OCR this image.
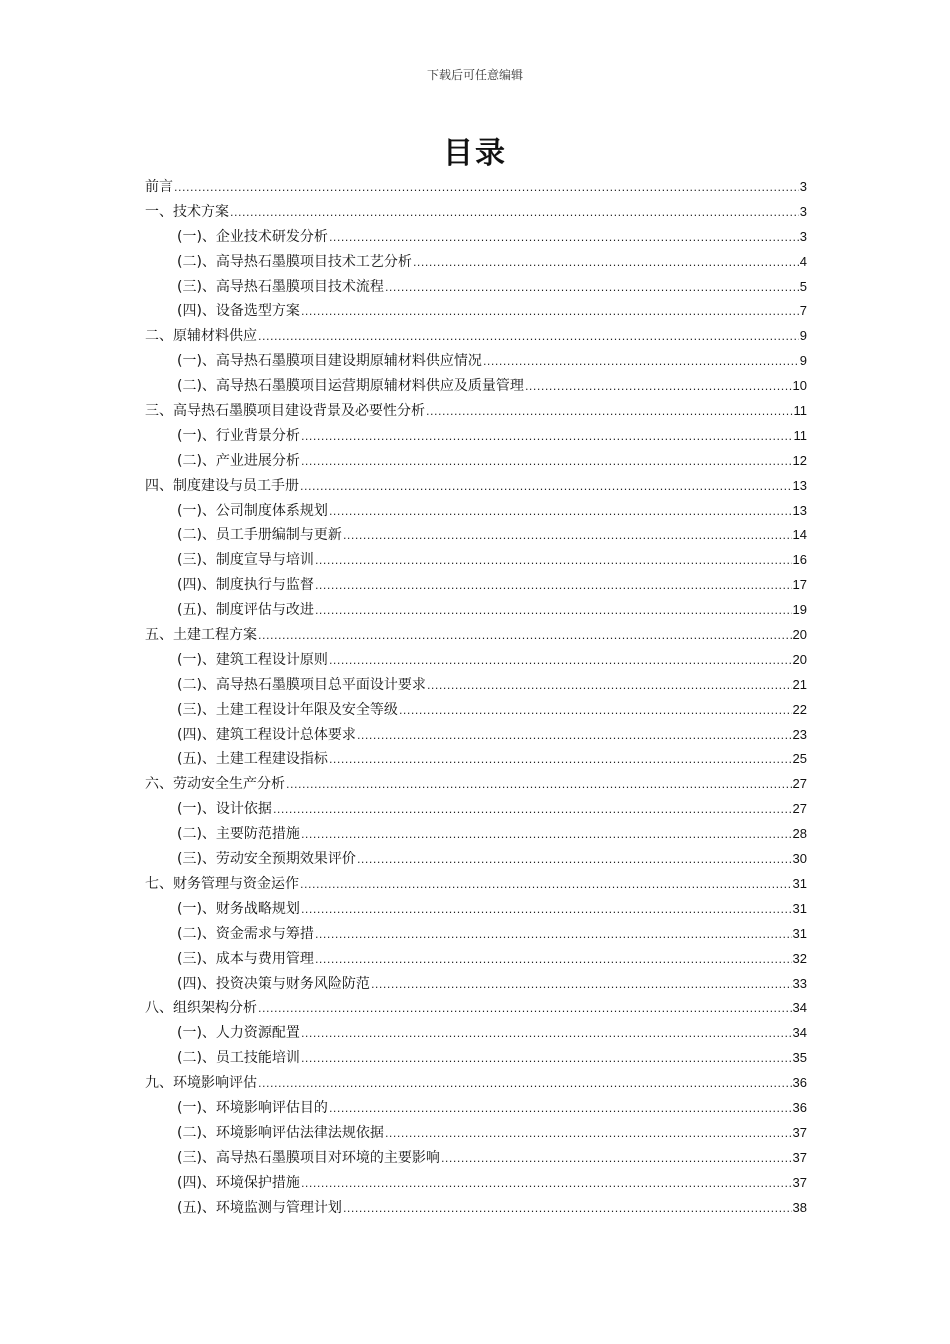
下载后可任意编辑
目录
前言 .....	3
一、技术方案 .....	3
(一)、企业技术研发分析 .....	3
(二)、高导热石墨膜项目技术工艺分析 .....	4
(三)、高导热石墨膜项目技术流程 .....	5
(四)、设备选型方案 .....	7
二、原辅材料供应 .....	9
(一)、高导热石墨膜项目建设期原辅材料供应情况 .....	9
(二)、高导热石墨膜项目运营期原辅材料供应及质量管理 .....	10
三、高导热石墨膜项目建设背景及必要性分析 .....	11
(一)、行业背景分析 .....	11
(二)、产业进展分析 .....	12
四、制度建设与员工手册 .....	13
(一)、公司制度体系规划 .....	13
(二)、员工手册编制与更新 .....	14
(三)、制度宣导与培训 .....	16
(四)、制度执行与监督 .....	17
(五)、制度评估与改进 .....	19
五、土建工程方案 .....	20
(一)、建筑工程设计原则 .....	20
(二)、高导热石墨膜项目总平面设计要求 .....	21
(三)、土建工程设计年限及安全等级 .....	22
(四)、建筑工程设计总体要求 .....	23
(五)、土建工程建设指标 .....	25
六、劳动安全生产分析 .....	27
(一)、设计依据 .....	27
(二)、主要防范措施 .....	28
(三)、劳动安全预期效果评价 .....	30
七、财务管理与资金运作 .....	31
(一)、财务战略规划 .....	31
(二)、资金需求与筹措 .....	31
(三)、成本与费用管理 .....	32
(四)、投资决策与财务风险防范 .....	33
八、组织架构分析 .....	34
(一)、人力资源配置 .....	34
(二)、员工技能培训 .....	35
九、环境影响评估 .....	36
(一)、环境影响评估目的 .....	36
(二)、环境影响评估法律法规依据 .....	37
(三)、高导热石墨膜项目对环境的主要影响 .....	37
(四)、环境保护措施 .....	37
(五)、环境监测与管理计划 .....	38
